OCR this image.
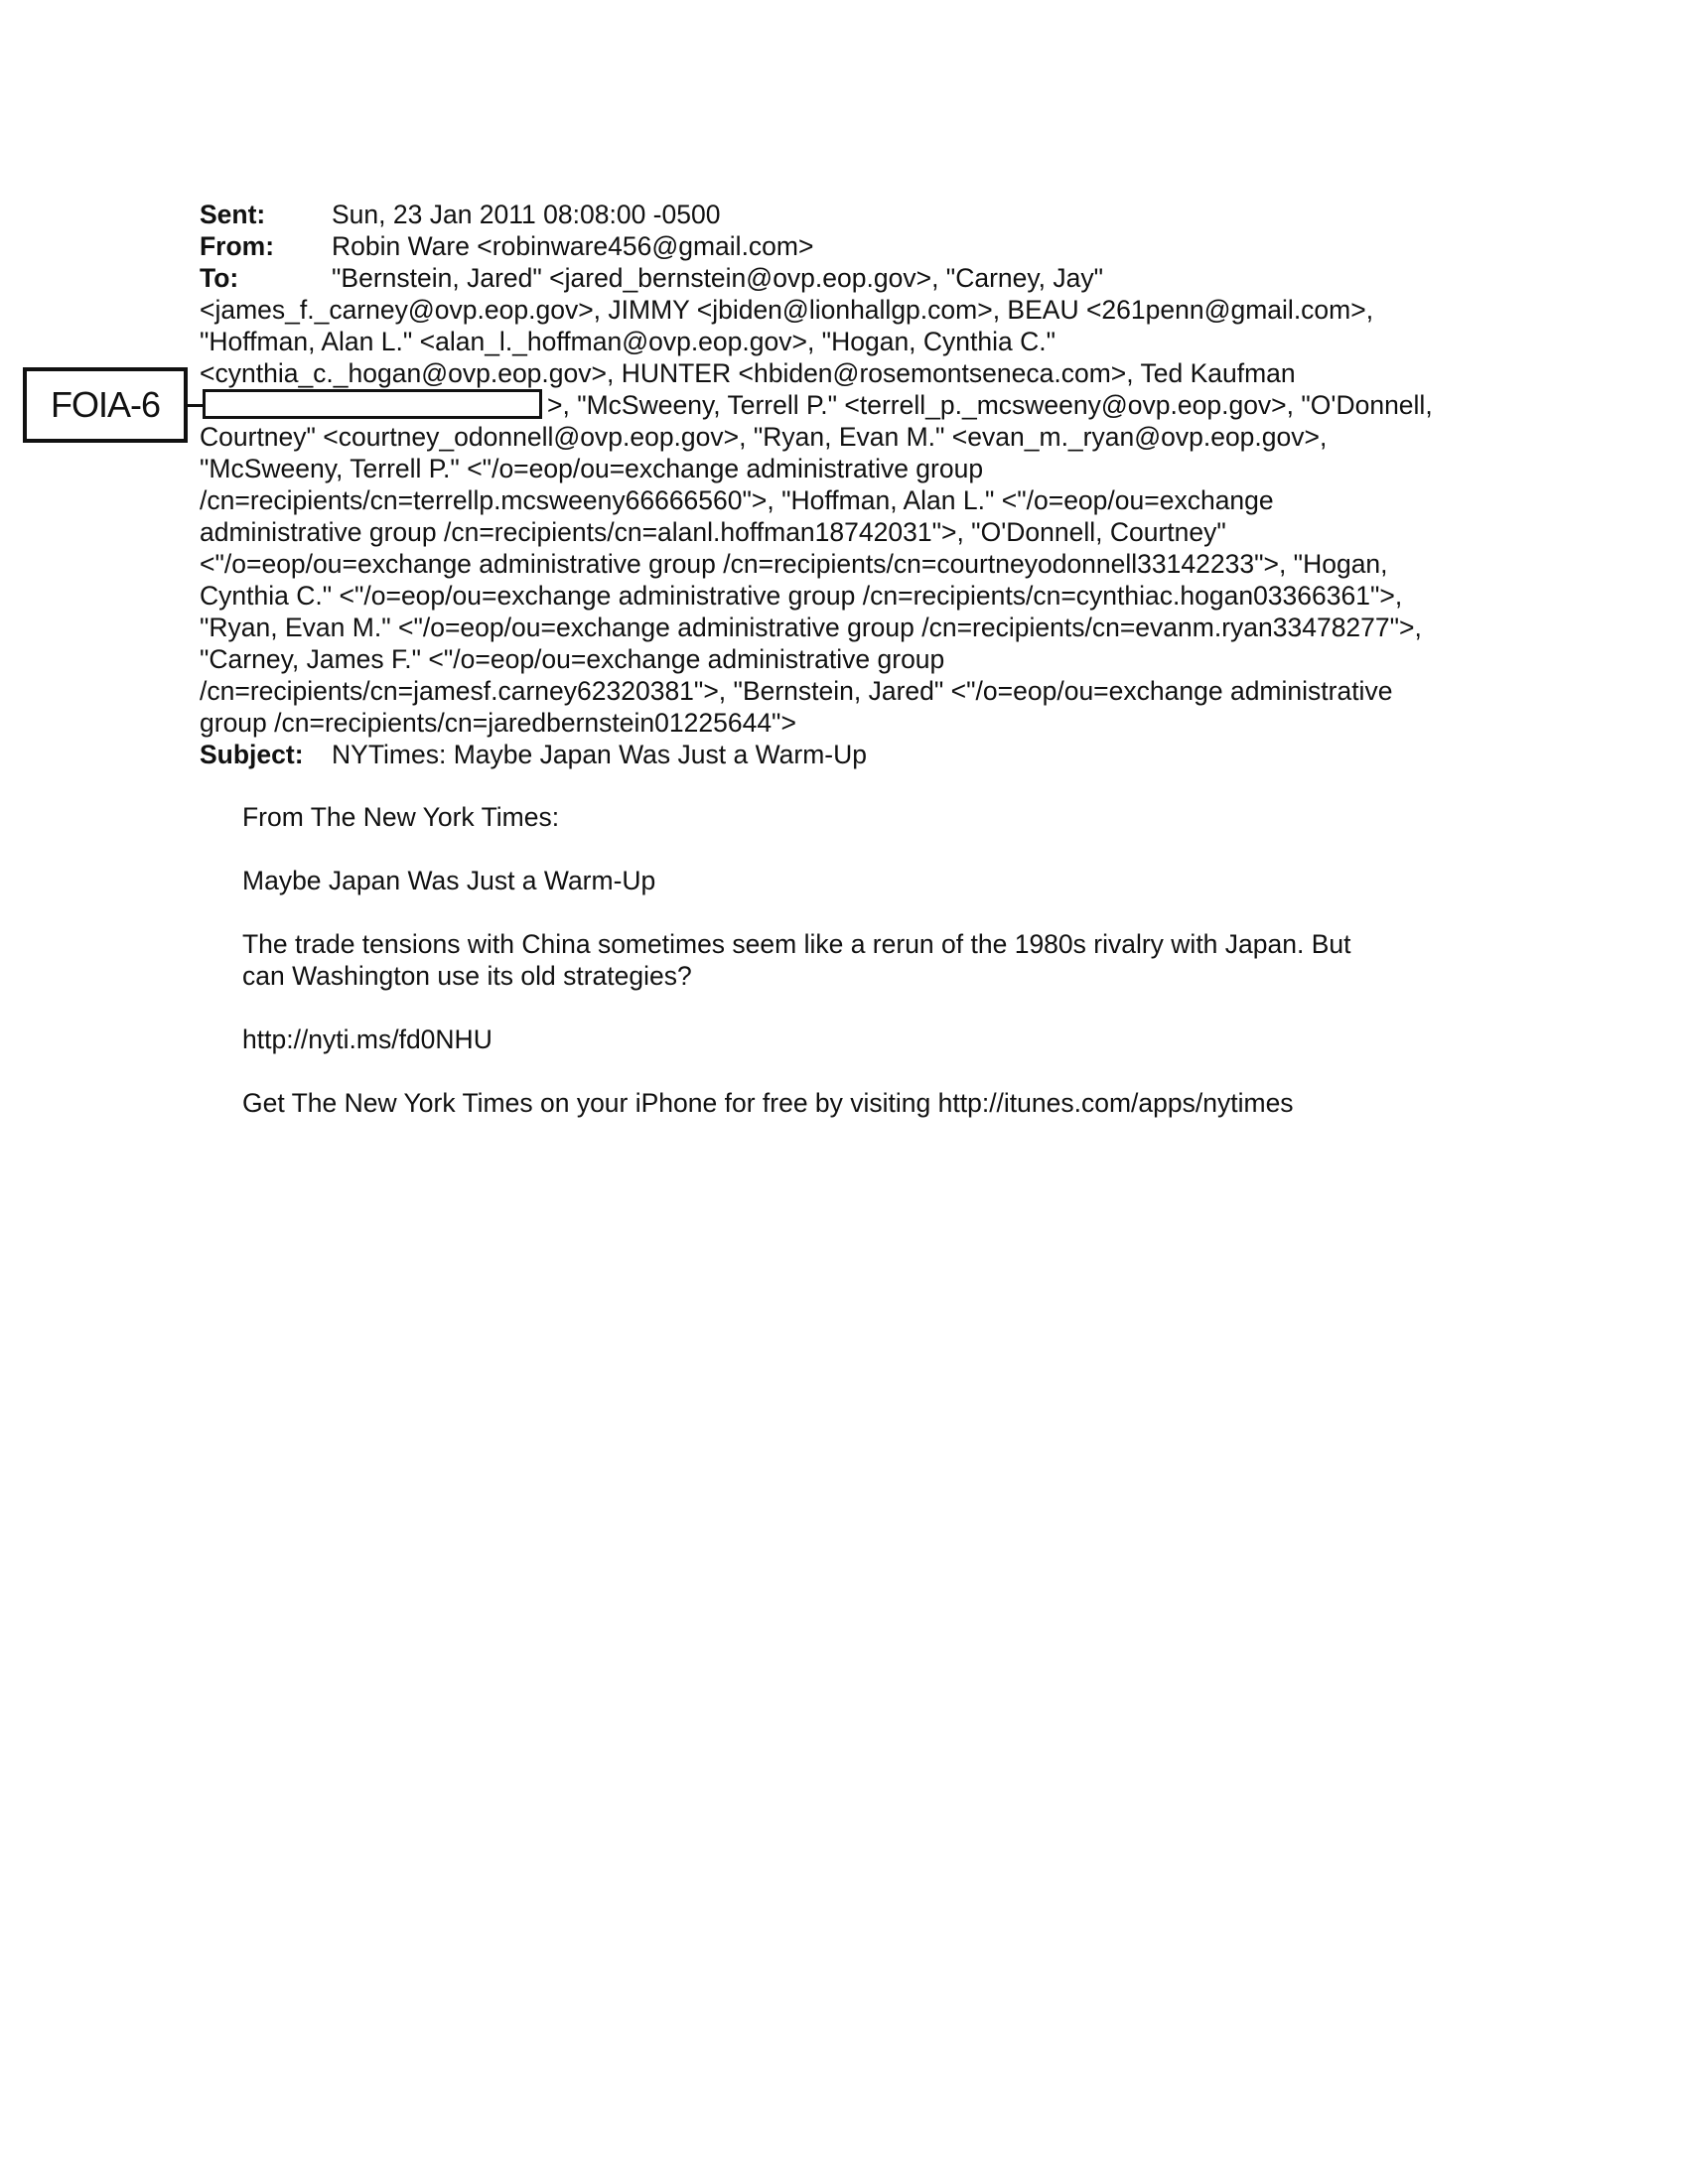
Sent:	Sun, 23 Jan 2011 08:08:00 -0500
From: Robin Ware <robinware456@gmail.com>
To:	"Bernstein, Jared" <jared_bernstein@ovp.eop.gov>, "Carney, Jay"
<james_f._carney@ovp.eop.gov>, JIMMY <jbiden@lionhallgp.com>, BEAU <261penn@gmail.com>,
"Hoffman, Alan L." <alan_l._hoffman@ovp.eop.gov>, "Hogan, Cynthia C."
<cynthia_c._hogan@ovp.eop.gov>, HUNTER <hbiden@rosemontseneca.com>, Ted Kaufman
>, "McSweeny, Terrell P." <terrell_p._mcsweeny@ovp.eop.gov>, "O'Donnell,
Courtney" <courtney_odonnell@ovp.eop.gov>, "Ryan, Evan M." <evan_m._ryan@ovp.eop.gov>,
"McSweeny, Terrell P." <"/o=eop/ou=exchange administrative group
/cn=recipients/cn=terrellp.mcsweeny66666560">, "Hoffman, Alan L." <"/o=eop/ou=exchange
administrative group /cn=recipients/cn=alanl.hoffman18742031">, "O'Donnell, Courtney"
<"/o=eop/ou=exchange administrative group /cn=recipients/cn=courtneyodonnell33142233">, "Hogan,
Cynthia C." <"/o=eop/ou=exchange administrative group /cn=recipients/cn=cynthiac.hogan03366361">,
"Ryan, Evan M." <"/o=eop/ou=exchange administrative group /cn=recipients/cn=evanm.ryan33478277">,
"Carney, James F." <"/o=eop/ou=exchange administrative group
/cn=recipients/cn=jamesf.carney62320381">, "Bernstein, Jared" <"/o=eop/ou=exchange administrative
group /cn=recipients/cn=jaredbernstein01225644">
Subject: NYTimes: Maybe Japan Was Just a Warm-Up
FOIA-6

From The New York Times:

Maybe Japan Was Just a Warm-Up

The trade tensions with China sometimes seem like a rerun of the 1980s rivalry with Japan. But
can Washington use its old strategies?

http://nyti.ms/fd0NHU

Get The New York Times on your iPhone for free by visiting http://itunes.com/apps/nytimes
